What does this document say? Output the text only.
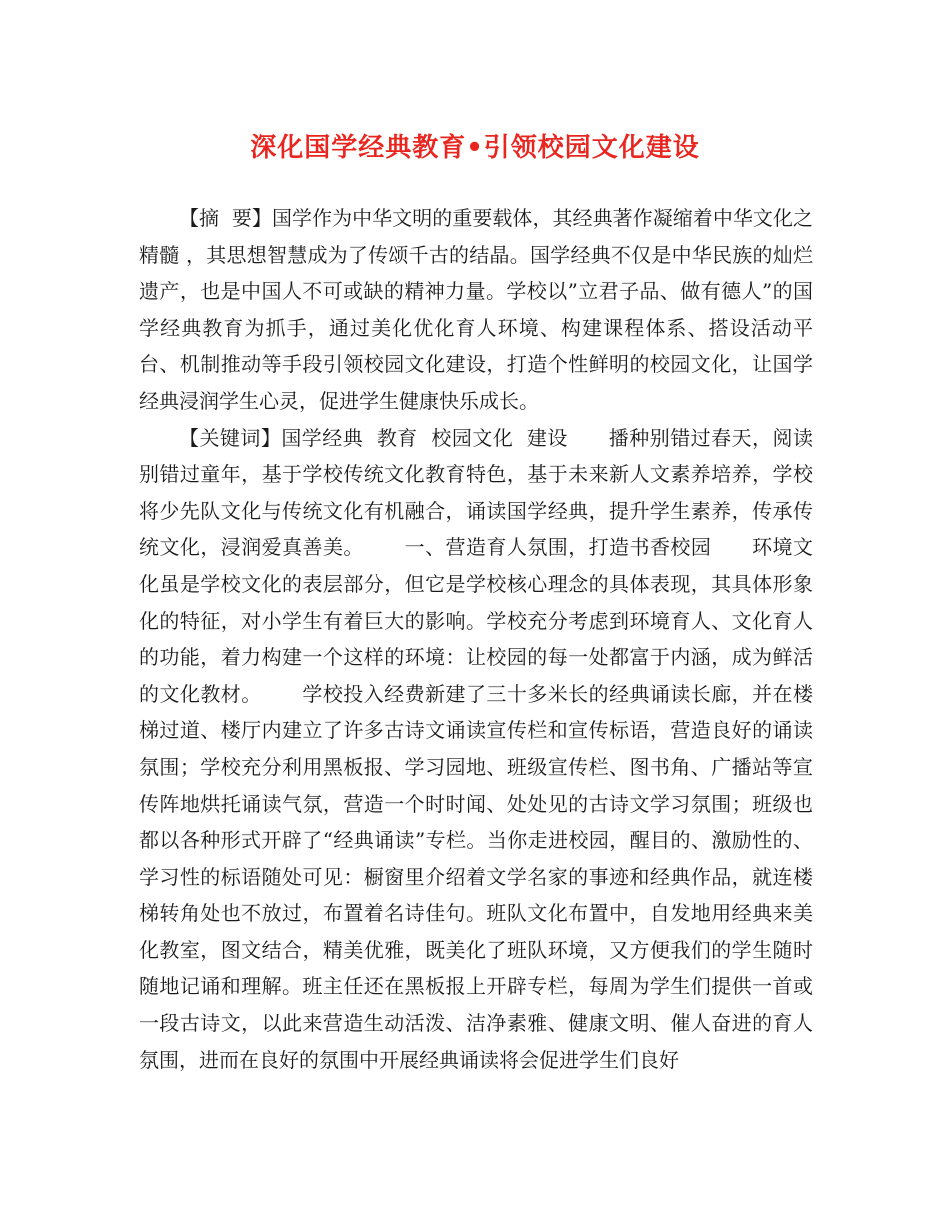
深化国学经典教育•引领校园文化建设

【摘  要】国学作为中华文明的重要载体，其经典著作凝缩着中华文化之精髓 ，其思想智慧成为了传颂千古的结晶。国学经典不仅是中华民族的灿烂遗产，也是中国人不可或缺的精神力量。学校以”立君子品、做有德人”的国学经典教育为抓手，通过美化优化育人环境、构建课程体系、搭设活动平台、机制推动等手段引领校园文化建设，打造个性鲜明的校园文化，让国学经典浸润学生心灵，促进学生健康快乐成长。

【关键词】国学经典  教育  校园文化  建设      播种别错过春天，阅读别错过童年，基于学校传统文化教育特色，基于未来新人文素养培养，学校将少先队文化与传统文化有机融合，诵读国学经典，提升学生素养，传承传统文化，浸润爱真善美。      一、营造育人氛围，打造书香校园      环境文化虽是学校文化的表层部分，但它是学校核心理念的具体表现，其具体形象化的特征，对小学生有着巨大的影响。学校充分考虑到环境育人、文化育人的功能，着力构建一个这样的环境：让校园的每一处都富于内涵，成为鲜活的文化教材。      学校投入经费新建了三十多米长的经典诵读长廊，并在楼梯过道、楼厅内建立了许多古诗文诵读宣传栏和宣传标语，营造良好的诵读氛围；学校充分利用黑板报、学习园地、班级宣传栏、图书角、广播站等宣传阵地烘托诵读气氛，营造一个时时闻、处处见的古诗文学习氛围；班级也都以各种形式开辟了“经典诵读”专栏。当你走进校园，醒目的、激励性的、学习性的标语随处可见：橱窗里介绍着文学名家的事迹和经典作品，就连楼梯转角处也不放过，布置着名诗佳句。班队文化布置中，自发地用经典来美化教室，图文结合，精美优雅，既美化了班队环境，又方便我们的学生随时随地记诵和理解。班主任还在黑板报上开辟专栏，每周为学生们提供一首或一段古诗文，以此来营造生动活泼、洁净素雅、健康文明、催人奋进的育人氛围，进而在良好的氛围中开展经典诵读将会促进学生们良好
